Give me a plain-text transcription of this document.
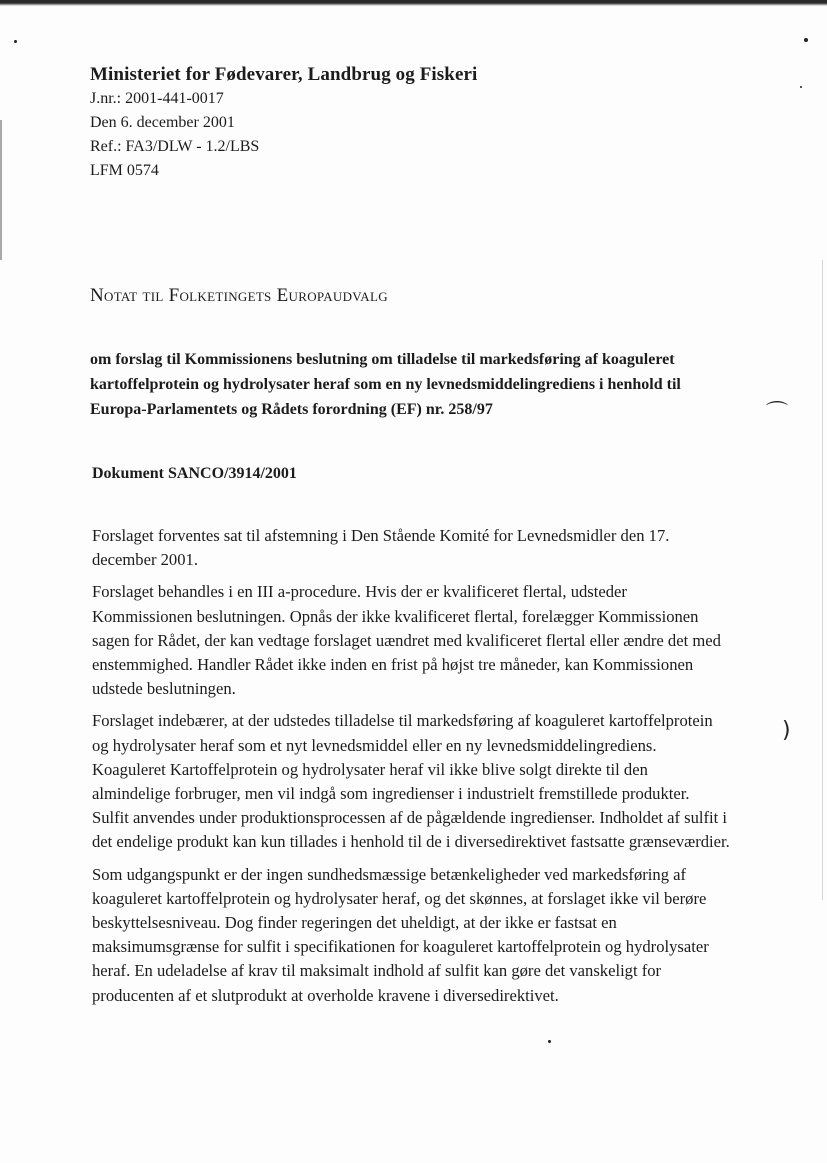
⌒
)

Ministeriet for Fødevarer, Landbrug og Fiskeri

J.nr.: 2001-441-0017

Den 6. december 2001

Ref.: FA3/DLW - 1.2/LBS

LFM 0574

Notat til Folketingets Europaudvalg

om forslag til Kommissionens beslutning om tilladelse til markedsføring af koaguleret kartoffelprotein og hydrolysater heraf som en ny levnedsmiddelingrediens i henhold til Europa-Parlamentets og Rådets forordning (EF) nr. 258/97

Dokument SANCO/3914/2001

Forslaget forventes sat til afstemning i Den Stående Komité for Levnedsmidler den 17. december 2001.

Forslaget behandles i en III a-procedure. Hvis der er kvalificeret flertal, udsteder Kommissionen beslutningen. Opnås der ikke kvalificeret flertal, forelægger Kommissionen sagen for Rådet, der kan vedtage forslaget uændret med kvalificeret flertal eller ændre det med enstemmighed. Handler Rådet ikke inden en frist på højst tre måneder, kan Kommissionen udstede beslutningen.

Forslaget indebærer, at der udstedes tilladelse til markedsføring af koaguleret kartoffelprotein og hydrolysater heraf som et nyt levnedsmiddel eller en ny levnedsmiddelingrediens. Koaguleret Kartoffelprotein og hydrolysater heraf vil ikke blive solgt direkte til den almindelige forbruger, men vil indgå som ingredienser i industrielt fremstillede produkter. Sulfit anvendes under produktionsprocessen af de pågældende ingredienser. Indholdet af sulfit i det endelige produkt kan kun tillades i henhold til de i diversedirektivet fastsatte grænseværdier.

Som udgangspunkt er der ingen sundhedsmæssige betænkeligheder ved markedsføring af koaguleret kartoffelprotein og hydrolysater heraf, og det skønnes, at forslaget ikke vil berøre beskyttelsesniveau. Dog finder regeringen det uheldigt, at der ikke er fastsat en maksimumsgrænse for sulfit i specifikationen for koaguleret kartoffelprotein og hydrolysater heraf. En udeladelse af krav til maksimalt indhold af sulfit kan gøre det vanskeligt for producenten af et slutprodukt at overholde kravene i diversedirektivet.
